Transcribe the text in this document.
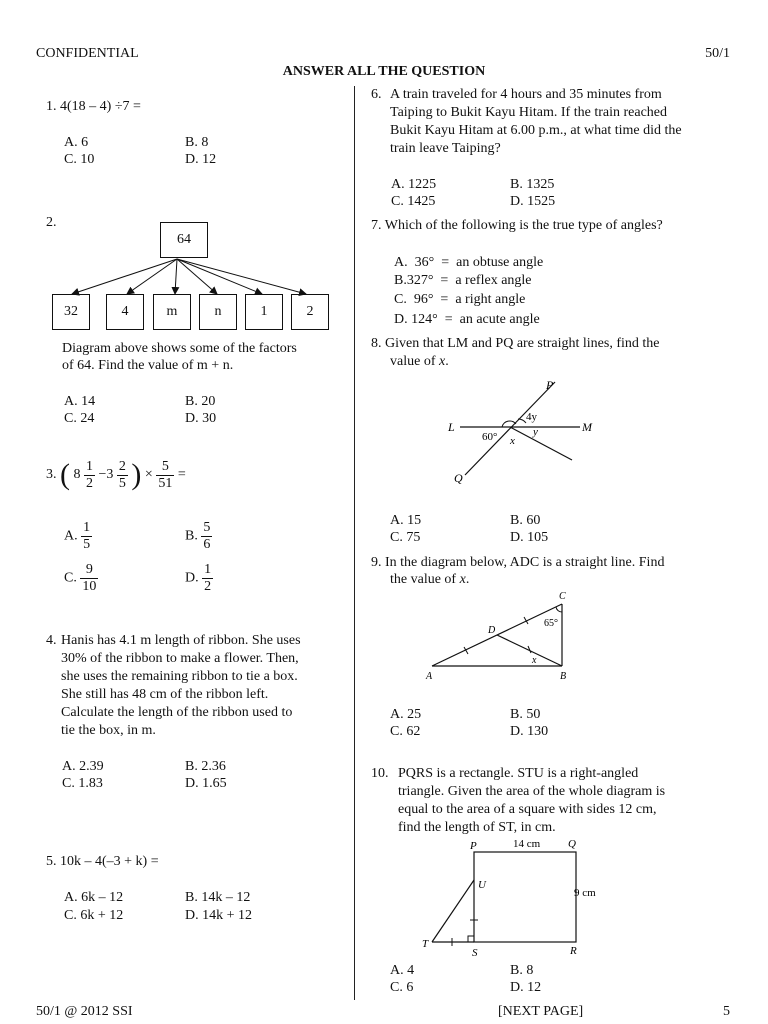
CONFIDENTIAL	50/1
ANSWER ALL THE QUESTION
1. 4(18 – 4) ÷7 =
A. 6	B. 8
C. 10	D. 12
2.
64
32	4	m	n	1	2
Diagram above shows some of the factors
of 64. Find the value of m + n.
A. 14	B. 20
C. 24	D. 30
3. ( $8 \frac{1}{2} -3 \frac{2}{5}$ ) × $\frac{5}{51}$ =
A. $\frac{1}{5}$	B. $\frac{5}{6}$
C. $\frac{9}{10}$	D. $\frac{1}{2}$
4. Hanis has 4.1 m length of ribbon. She uses
30% of the ribbon to make a flower. Then,
she uses the remaining ribbon to tie a box.
She still has 48 cm of the ribbon left.
Calculate the length of the ribbon used to
tie the box, in m.
A. 2.39	B. 2.36
C. 1.83	D. 1.65
5. 10k – 4(–3 + k) =
A. 6k – 12	B. 14k – 12
C. 6k + 12	D. 14k + 12
6. A train traveled for 4 hours and 35 minutes from
Taiping to Bukit Kayu Hitam. If the train reached
Bukit Kayu Hitam at 6.00 p.m., at what time did the
train leave Taiping?
A. 1225	B. 1325
C. 1425	D. 1525
7. Which of the following is the true type of angles?
A.  36°  =  an obtuse angle
B.327°  =  a reflex angle
C.  96°  =  a right angle
D. 124°  =  an acute angle
8. Given that LM and PQ are straight lines, find the
value of x.
P
L	M
Q
60°
4y
y
x
A. 15	B. 60
C. 75	D. 105
9. In the diagram below, ADC is a straight line. Find
the value of x.
C
D
A	B
65°
x
A. 25	B. 50
C. 62	D. 130
10. PQRS is a rectangle. STU is a right-angled
triangle. Given the area of the whole diagram is
equal to the area of a square with sides 12 cm,
find the length of ST, in cm.
P	Q
14 cm
9 cm
U
T
S	R
A. 4	B. 8
C. 6	D. 12
50/1 @ 2012 SSI	[NEXT PAGE]	5
